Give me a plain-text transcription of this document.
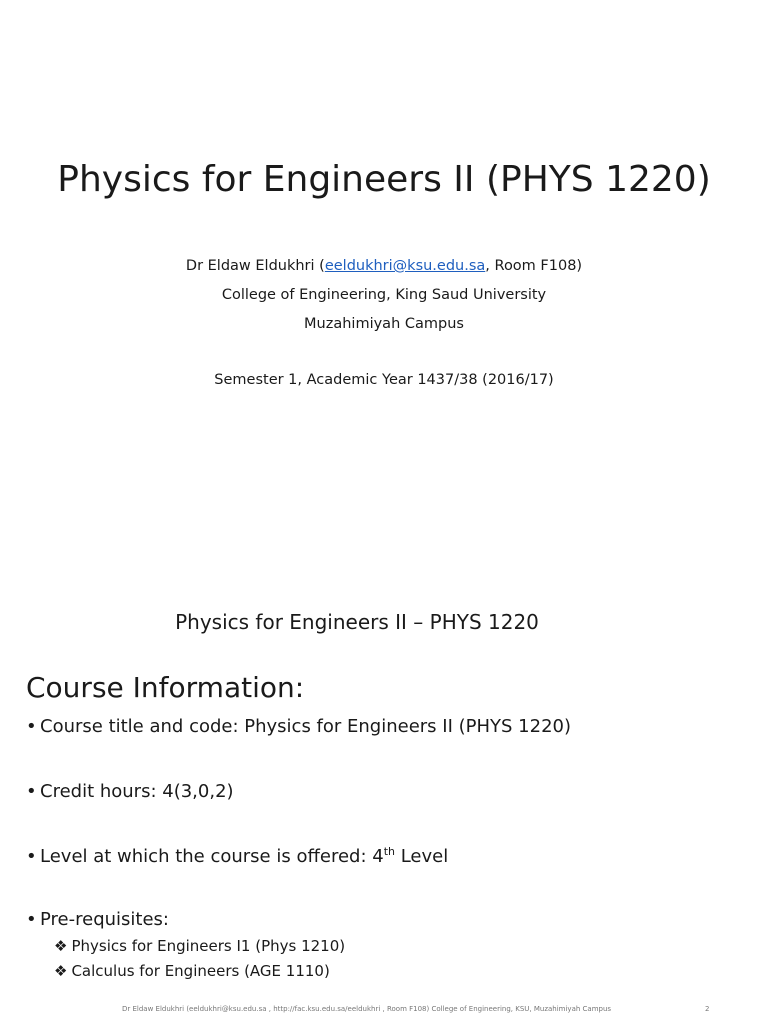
Physics for Engineers II (PHYS 1220)
Dr Eldaw Eldukhri (eeldukhri@ksu.edu.sa, Room F108)
College of Engineering, King Saud University
Muzahimiyah Campus
Semester 1, Academic Year 1437/38 (2016/17)
Physics for Engineers II – PHYS 1220
Course Information:
• Course title and code: Physics for Engineers II (PHYS 1220)
• Credit hours: 4(3,0,2)
• Level at which the course is offered: 4th Level
• Pre-requisites:
❖ Physics for Engineers I1 (Phys 1210)
❖ Calculus for Engineers (AGE 1110)
Dr Eldaw Eldukhri (eeldukhri@ksu.edu.sa , http://fac.ksu.edu.sa/eeldukhri , Room F108) College of Engineering, KSU, Muzahimiyah Campus	2
